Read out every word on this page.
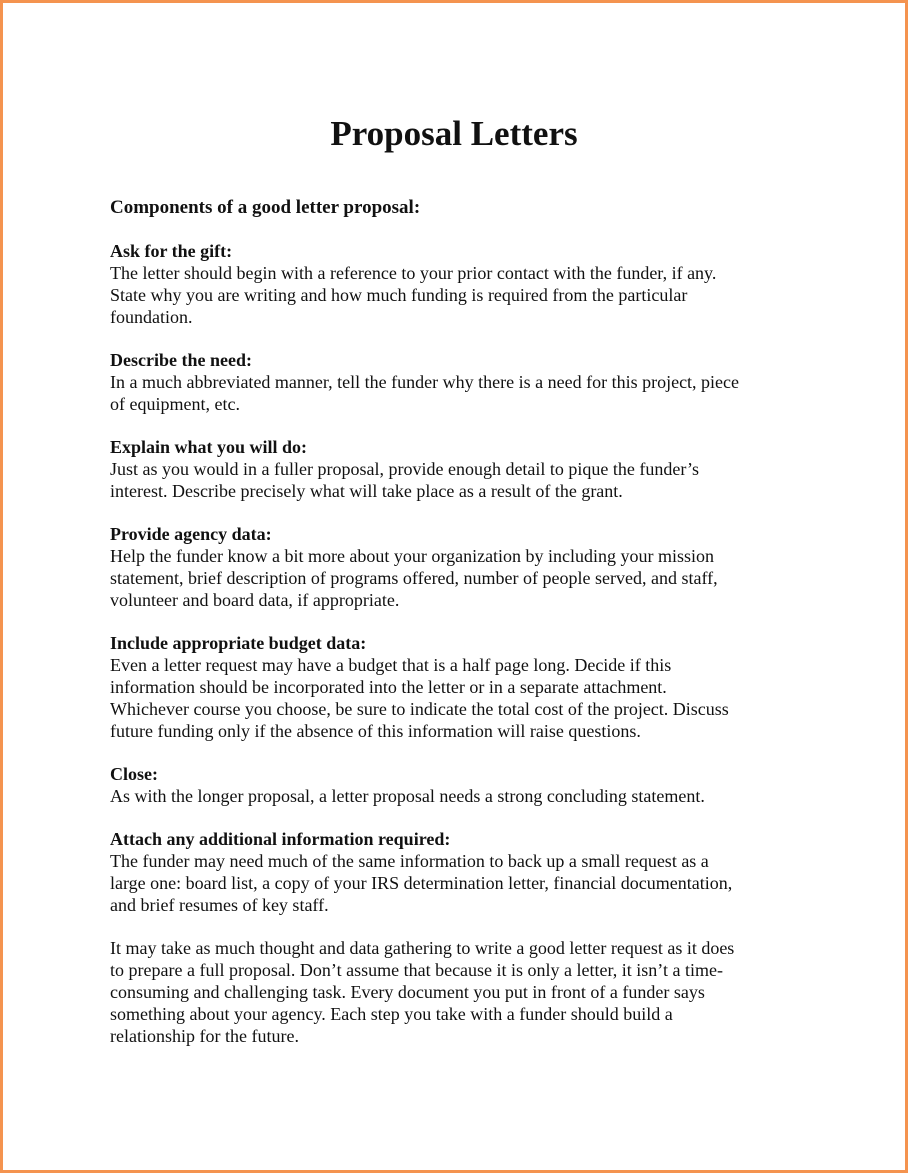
Proposal Letters

Components of a good letter proposal:

Ask for the gift:

The letter should begin with a reference to your prior contact with the funder, if any.
State why you are writing and how much funding is required from the particular
foundation.

Describe the need:

In a much abbreviated manner, tell the funder why there is a need for this project, piece
of equipment, etc.

Explain what you will do:

Just as you would in a fuller proposal, provide enough detail to pique the funder’s
interest. Describe precisely what will take place as a result of the grant.

Provide agency data:

Help the funder know a bit more about your organization by including your mission
statement, brief description of programs offered, number of people served, and staff,
volunteer and board data, if appropriate.

Include appropriate budget data:

Even a letter request may have a budget that is a half page long. Decide if this
information should be incorporated into the letter or in a separate attachment.
Whichever course you choose, be sure to indicate the total cost of the project. Discuss
future funding only if the absence of this information will raise questions.

Close:

As with the longer proposal, a letter proposal needs a strong concluding statement.

Attach any additional information required:

The funder may need much of the same information to back up a small request as a
large one: board list, a copy of your IRS determination letter, financial documentation,
and brief resumes of key staff.

It may take as much thought and data gathering to write a good letter request as it does
to prepare a full proposal. Don’t assume that because it is only a letter, it isn’t a time-
consuming and challenging task. Every document you put in front of a funder says
something about your agency. Each step you take with a funder should build a
relationship for the future.
